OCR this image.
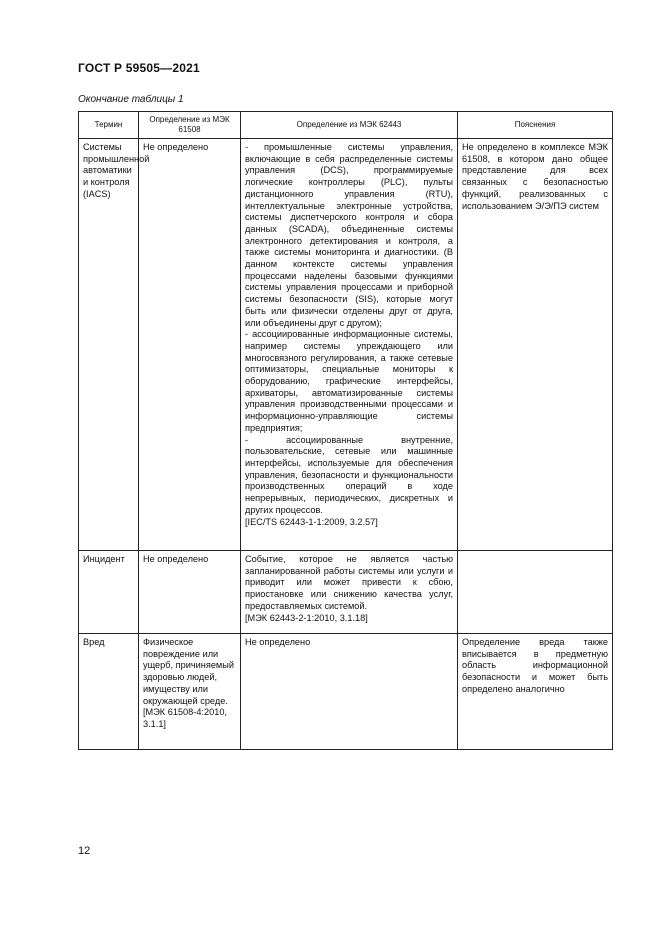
ГОСТ Р 59505—2021
Окончание таблицы 1
Термин	Определение из МЭК 61508	Определение из МЭК 62443	Пояснения
Системы промышленной автоматики и контроля (IACS)	Не определено	- промышленные системы управления, включающие в себя распределенные системы управления (DCS), программируемые логические контроллеры (PLC), пульты дистанционного управления (RTU), интеллектуальные электронные устройства, системы диспетчерского контроля и сбора данных (SCADA), объединенные системы электронного детектирования и контроля, а также системы мониторинга и диагностики. (В данном контексте системы управления процессами наделены базовыми функциями системы управления процессами и приборной системы безопасности (SIS), которые могут быть или физически отделены друг от друга, или объединены друг с другом);
- ассоциированные информационные системы, например системы упреждающего или многосвязного регулирования, а также сетевые оптимизаторы, специальные мониторы к оборудованию, графические интерфейсы, архиваторы, автоматизированные системы управления производственными процессами и информационно-управляющие системы предприятия;
- ассоциированные внутренние, пользовательские, сетевые или машинные интерфейсы, используемые для обеспечения управления, безопасности и функциональности производственных операций в ходе непрерывных, периодических, дискретных и других процессов.
[IEC/TS 62443-1-1:2009, 3.2.57]	Не определено в комплексе МЭК 61508, в котором дано общее представление для всех связанных с безопасностью функций, реализованных с использованием Э/Э/ПЭ систем
Инцидент	Не определено	Событие, которое не является частью запланированной работы системы или услуги и приводит или может привести к сбою, приостановке или снижению качества услуг, предоставляемых системой.
[МЭК 62443-2-1:2010, 3.1.18]	

Вред	Физическое повреждение или ущерб, причиняемый здоровью людей, имуществу или окружающей среде.
[МЭК 61508-4:2010, 3.1.1]	Не определено	Определение вреда также вписывается в предметную область информационной безопасности и может быть определено аналогично
12
